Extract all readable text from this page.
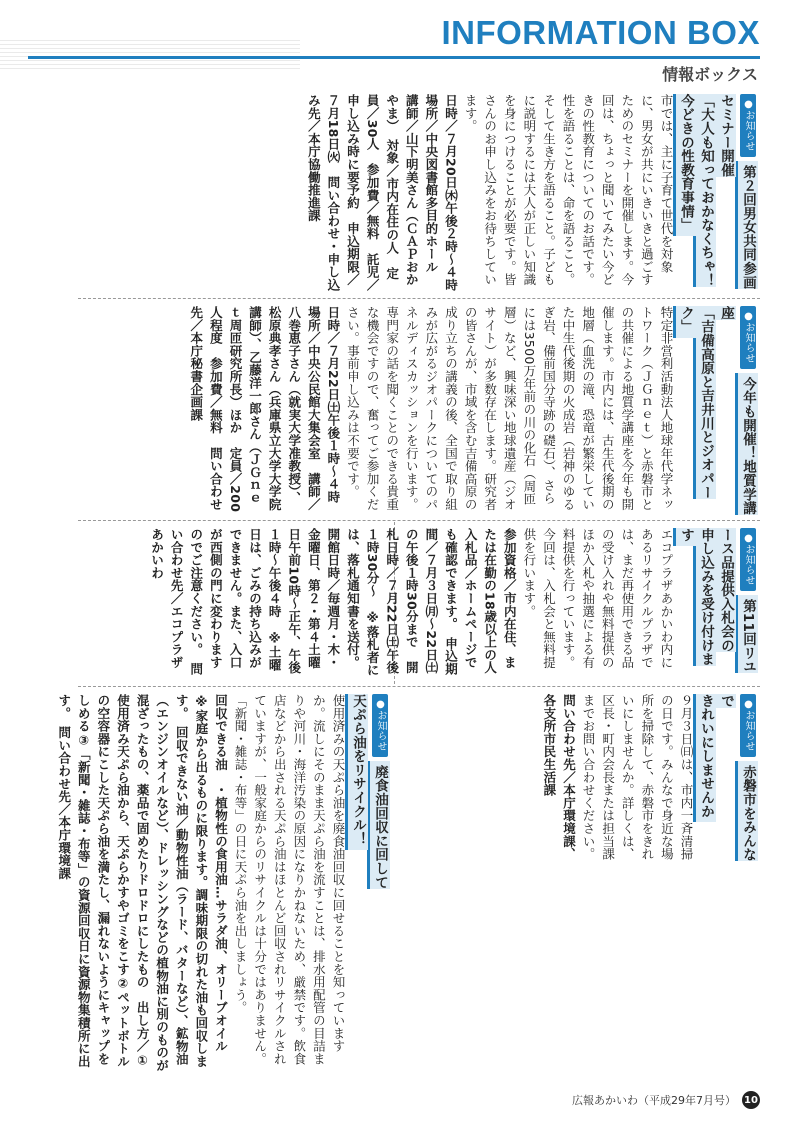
INFORMATION BOX
情報ボックス
●お知らせ 第２回男女共同参画セミナー開催
「大人も知っておかなくちゃ！今どきの性教育事情」

市では、主に子育て世代を対象に、男女が共にいきいきと過ごすためのセミナーを開催します。今回は、ちょっと聞いてみたい今どきの性教育についてのお話です。性を語ることは、命を語ること。そして生き方を語ること。子どもに説明するには大人が正しい知識を身につけることが必要です。皆さんのお申し込みをお待ちしています。

日時／７月20日㈭午後２時～４時　場所／中央図書館多目的ホール　講師／山下明美さん（ＣＡＰおかやま）　対象／市内在住の人　定員／30人　参加費／無料　託児／申し込み時に要予約　申込期限／７月18日㈫　問い合わせ・申し込み先／本庁協働推進課

●お知らせ 今年も開催！地質学講座
「吉備高原と吉井川とジオパーク」

特定非営利活動法人地球年代学ネットワーク（ＪＧｎｅｔ）と赤磐市との共催による地質学講座を今年も開催します。市内には、古生代後期の地層（血洗の滝、恐竜が繁栄していた中生代後期の火成岩（岩神のゆるぎ岩、備前国分寺跡の礎石）、さらには3500万年前の川の化石（周匝層）など、興味深い地球遺産（ジオサイト）が多数存在します。研究者の皆さんが、市域を含む吉備高原の成り立ちの講義の後、全国で取り組みが広がるジオパークについてのパネルディスカッションを行います。専門家の話を聞くことのできる貴重な機会ですので、奮ってご参加ください。事前申し込みは不要です。

日時／７月22日㈯午後１時～４時　場所／中央公民館大集会室　講師／八巻恵子さん（就実大学准教授）、松原典孝さん（兵庫県立大学大学院講師）、乙藤洋一郎さん（ＪＧｎｅｔ周匝研究所長）ほか　定員／200人程度　参加費／無料　問い合わせ先／本庁秘書企画課

●お知らせ 第11回リユース品提供入札会の
申し込みを受け付けます

エコプラザあかいわ内にあるリサイクルプラザでは、まだ再使用できる品の受け入れや無料提供のほか入札や抽選による有料提供を行っています。今回は、入札会と無料提供を行います。

参加資格／市内在住、または在勤の18歳以上の人　入札品／ホームページでも確認できます。　申込期間／７月３日㈪～22日㈯の午後１時30分まで　開札日時／７月22日㈯午後１時30分～　※落札者には、落札通知書を送付。　開館日時／毎週月・木・金曜日、第２・第４土曜日午前10時～正午、午後１時～午後４時　※土曜日は、ごみの持ち込みができません。また、入口が西側の門に変わりますのでご注意ください。　問い合わせ先／エコプラザあかいわ

●お知らせ 赤磐市をみんなで
きれいにしませんか

９月３日㈰は、市内一斉清掃の日です。みんなで身近な場所を掃除して、赤磐市をきれいにしませんか。詳しくは、区長・町内会長または担当課までお問い合わせください。

問い合わせ先／本庁環境課、各支所市民生活課

●お知らせ 廃食油回収に回して
天ぷら油をリサイクル！

使用済みの天ぷら油を廃食油回収に回せることを知っていますか。流しにそのまま天ぷら油を流すことは、排水用配管の目詰まりや河川・海洋汚染の原因になりかねないため、厳禁です。飲食店などから出される天ぷら油はほとんど回収されリサイクルされていますが、一般家庭からのリサイクルは十分ではありません。「新聞・雑誌・布等」の日に天ぷら油を出しましょう。

回収できる油　・植物性の食用油…サラダ油、オリーブオイル　※家庭から出るものに限ります。調味期限の切れた油も回収します。　回収できない油／動物性油（ラード、バターなど）、鉱物油（エンジンオイルなど）、ドレッシングなどの植物油に別のものが混ざったもの、薬品で固めたりドロドロにしたもの　出し方／①使用済み天ぷら油から、天ぷらかすやゴミをこす②ペットボトルの空容器にこした天ぷら油を満たし、漏れないようにキャップをしめる③「新聞・雑誌・布等」の資源回収日に資源物集積所に出す。　問い合わせ先／本庁環境課

広報あかいわ（平成29年7月号） 10
